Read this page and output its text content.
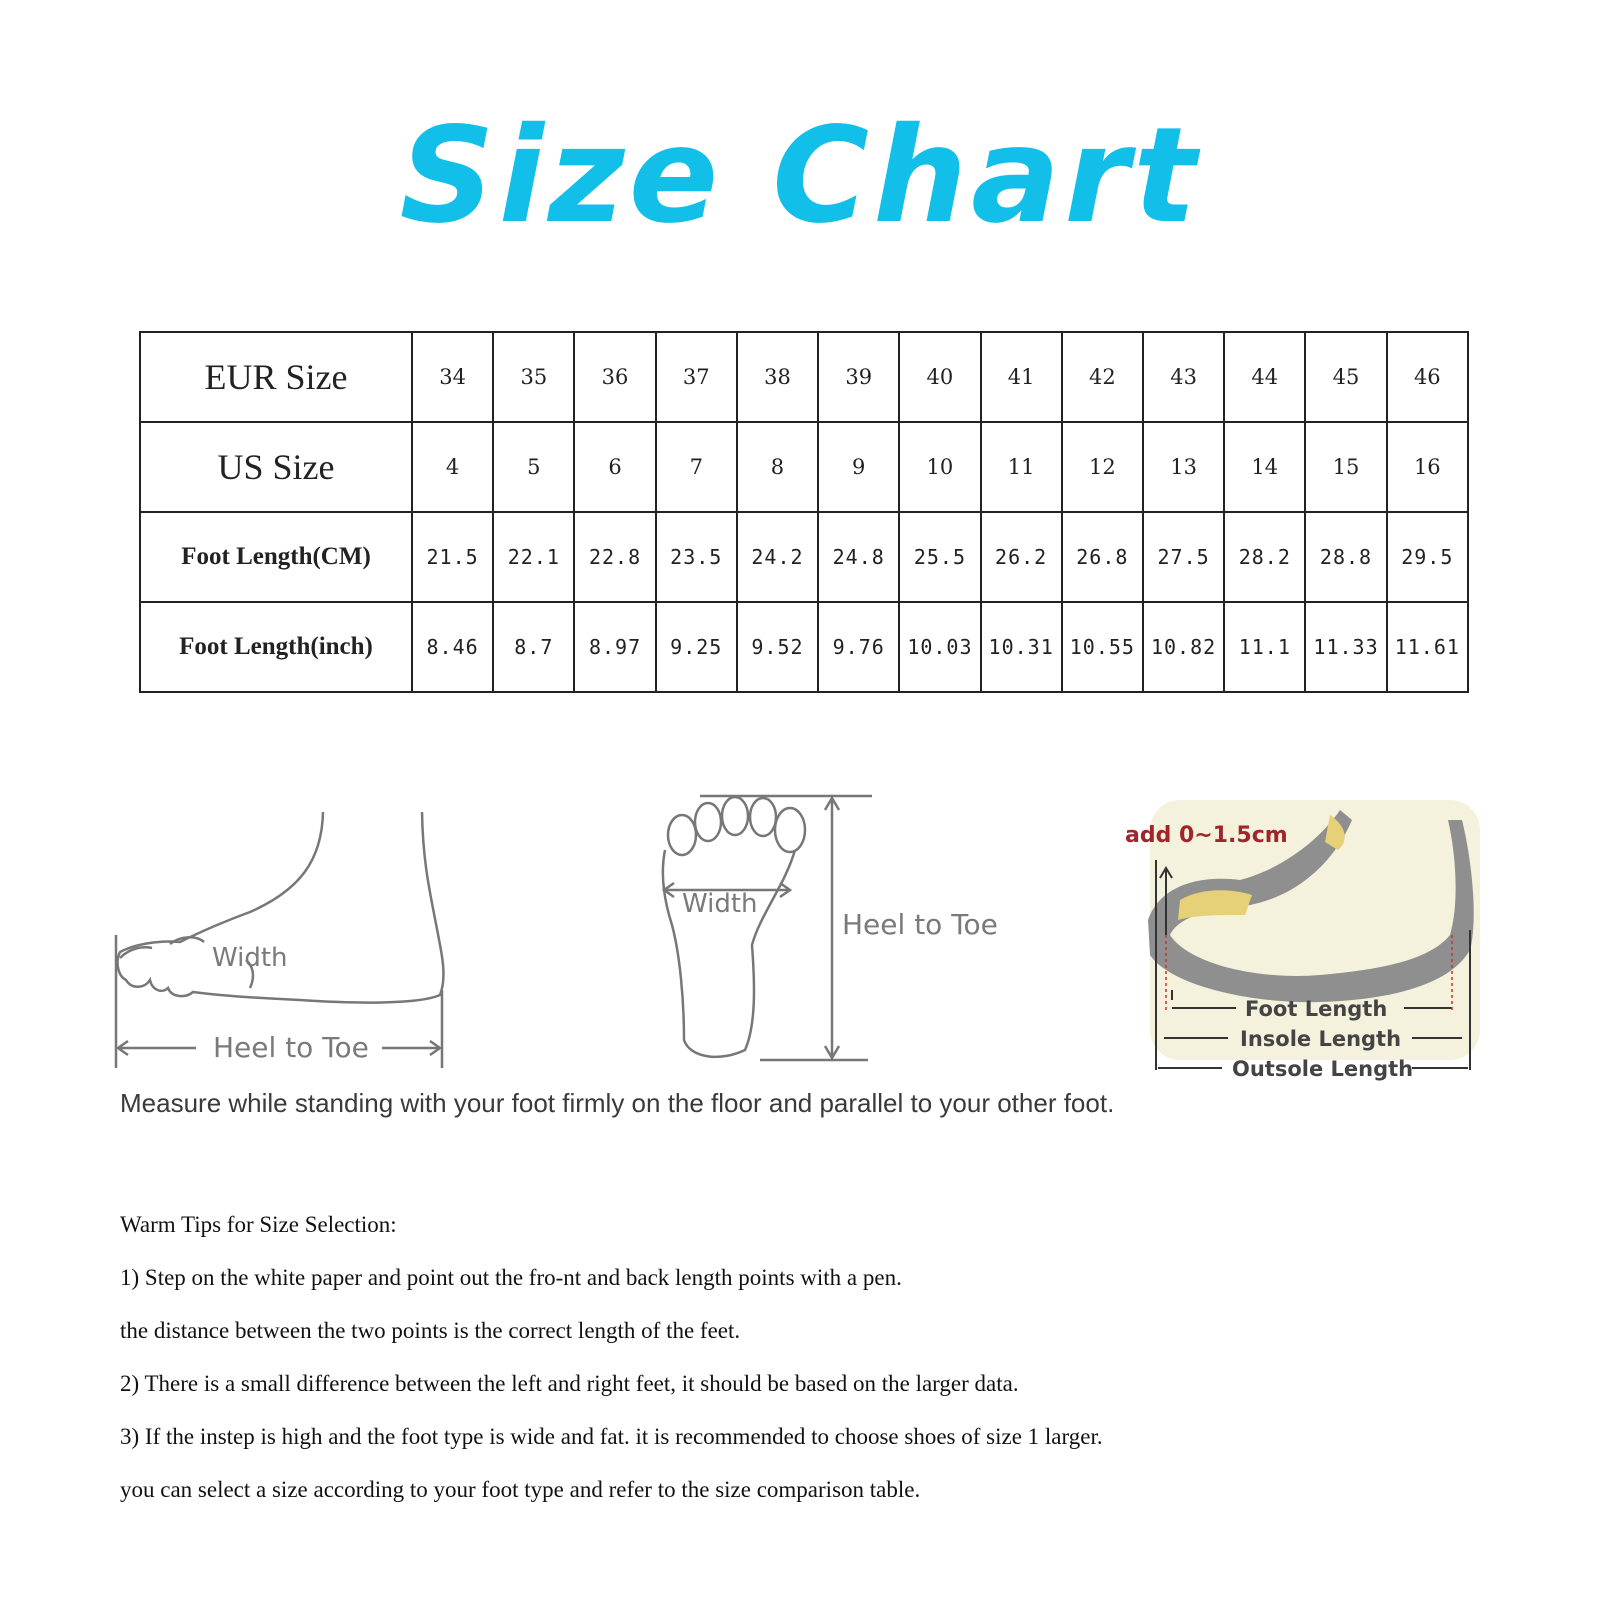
Size Chart
EUR Size	34	35	36	37	38	39	40	41	42	43	44	45	46
US Size	4	5	6	7	8	9	10	11	12	13	14	15	16
Foot Length(CM)	21.5	22.1	22.8	23.5	24.2	24.8	25.5	26.2	26.8	27.5	28.2	28.8	29.5
Foot Length(inch)	8.46	8.7	8.97	9.25	9.52	9.76	10.03	10.31	10.55	10.82	11.1	11.33	11.61
Width
Heel to Toe
Width
Heel to Toe
add 0~1.5cm
Foot Length
Insole Length
Outsole Length
Measure while standing with your foot firmly on the floor and parallel to your other foot.
Warm Tips for Size Selection:
1) Step on the white paper and point out the fro-nt and back length points with a pen.
the distance between the two points is the correct length of the feet.
2) There is a small difference between the left and right feet, it should be based on the larger data.
3) If the instep is high and the foot type is wide and fat. it is recommended to choose shoes of size 1 larger.
you can select a size according to your foot type and refer to the size comparison table.
